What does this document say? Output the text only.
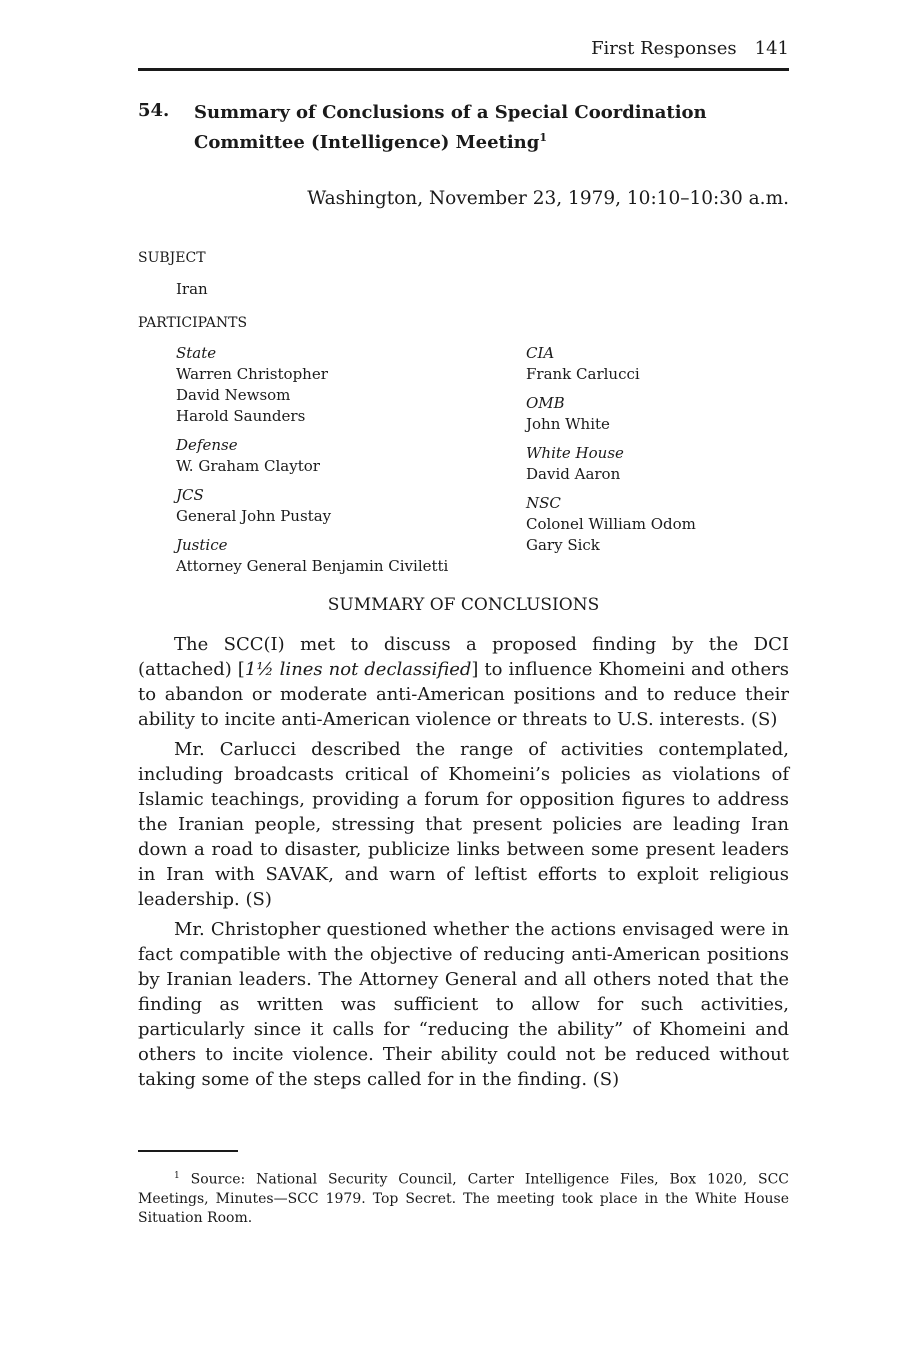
First Responses 141
54. Summary of Conclusions of a Special Coordination Committee (Intelligence) Meeting$^1$
Washington, November 23, 1979, 10:10–10:30 a.m.
SUBJECT
Iran
PARTICIPANTS
State
Warren Christopher
David Newsom
Harold Saunders
Defense
W. Graham Claytor
JCS
General John Pustay
Justice
Attorney General Benjamin Civiletti
CIA
Frank Carlucci
OMB
John White
White House
David Aaron
NSC
Colonel William Odom
Gary Sick
SUMMARY OF CONCLUSIONS

The SCC(I) met to discuss a proposed finding by the DCI (attached) [1½ lines not declassified] to influence Khomeini and others to abandon or moderate anti-American positions and to reduce their ability to incite anti-American violence or threats to U.S. interests. (S)

Mr. Carlucci described the range of activities contemplated, including broadcasts critical of Khomeini’s policies as violations of Islamic teachings, providing a forum for opposition figures to address the Iranian people, stressing that present policies are leading Iran down a road to disaster, publicize links between some present leaders in Iran with SAVAK, and warn of leftist efforts to exploit religious leadership. (S)

Mr. Christopher questioned whether the actions envisaged were in fact compatible with the objective of reducing anti-American positions by Iranian leaders. The Attorney General and all others noted that the finding as written was sufficient to allow for such activities, particularly since it calls for “reducing the ability” of Khomeini and others to incite violence. Their ability could not be reduced without taking some of the steps called for in the finding. (S)

$^1$ Source: National Security Council, Carter Intelligence Files, Box 1020, SCC Meetings, Minutes—SCC 1979. Top Secret. The meeting took place in the White House Situation Room.
